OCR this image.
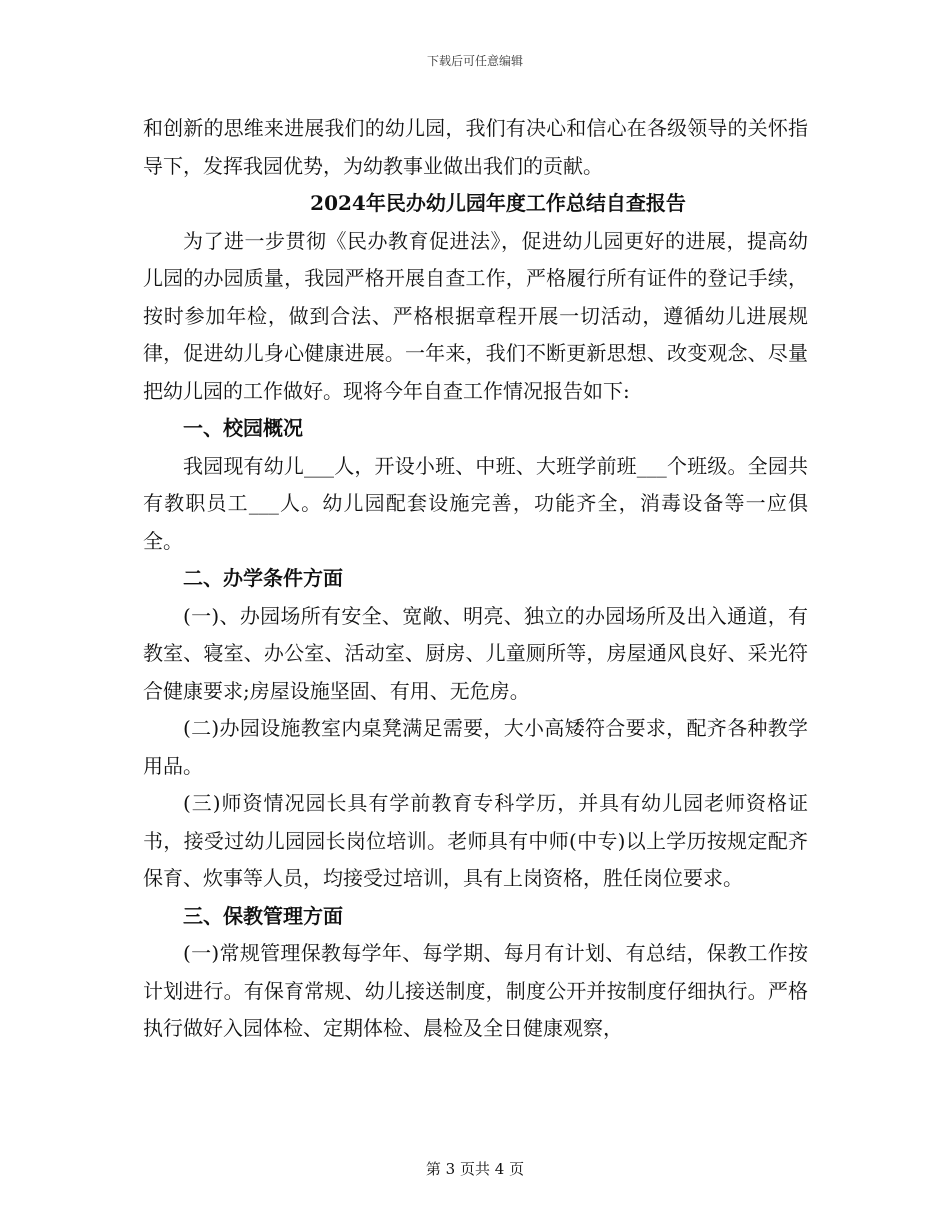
下载后可任意编辑

和创新的思维来进展我们的幼儿园，我们有决心和信心在各级领导的关怀指导下，发挥我园优势，为幼教事业做出我们的贡献。

2024年民办幼儿园年度工作总结自查报告

为了进一步贯彻《民办教育促进法》，促进幼儿园更好的进展，提高幼儿园的办园质量，我园严格开展自查工作，严格履行所有证件的登记手续，按时参加年检，做到合法、严格根据章程开展一切活动，遵循幼儿进展规律，促进幼儿身心健康进展。一年来，我们不断更新思想、改变观念、尽量把幼儿园的工作做好。现将今年自查工作情况报告如下:

一、校园概况

我园现有幼儿___人，开设小班、中班、大班学前班___个班级。全园共有教职员工___人。幼儿园配套设施完善，功能齐全，消毒设备等一应俱全。

二、办学条件方面

(一)、办园场所有安全、宽敞、明亮、独立的办园场所及出入通道，有教室、寝室、办公室、活动室、厨房、儿童厕所等，房屋通风良好、采光符合健康要求;房屋设施坚固、有用、无危房。

(二)办园设施教室内桌凳满足需要，大小高矮符合要求，配齐各种教学用品。

(三)师资情况园长具有学前教育专科学历，并具有幼儿园老师资格证书，接受过幼儿园园长岗位培训。老师具有中师(中专)以上学历按规定配齐保育、炊事等人员，均接受过培训，具有上岗资格，胜任岗位要求。

三、保教管理方面

(一)常规管理保教每学年、每学期、每月有计划、有总结，保教工作按计划进行。有保育常规、幼儿接送制度，制度公开并按制度仔细执行。严格执行做好入园体检、定期体检、晨检及全日健康观察，

第 3 页共 4 页
